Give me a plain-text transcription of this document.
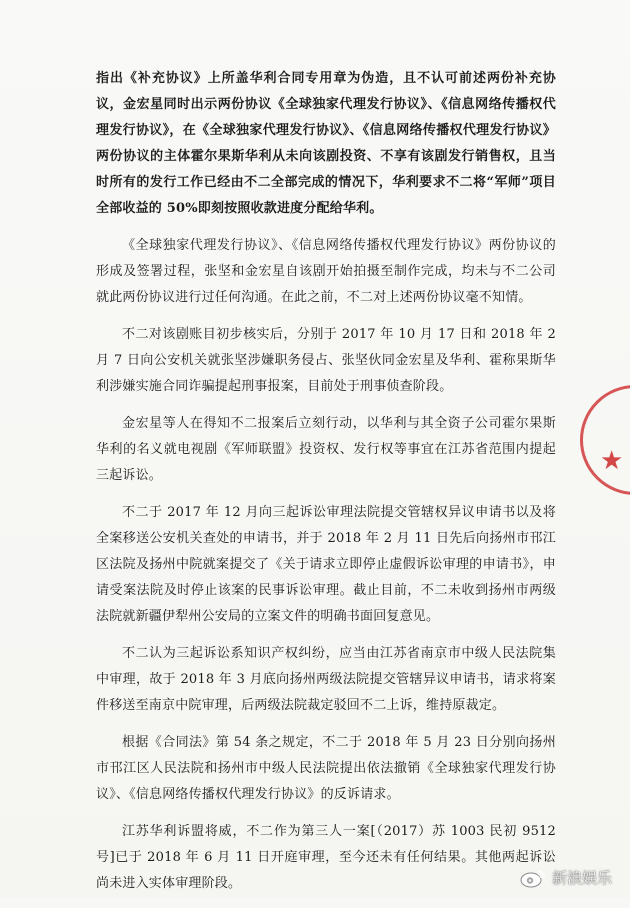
指出《补充协议》上所盖华利合同专用章为伪造，且不认可前述两份补充协议，金宏星同时出示两份协议《全球独家代理发行协议》、《信息网络传播权代理发行协议》，在《全球独家代理发行协议》、《信息网络传播权代理发行协议》两份协议的主体霍尔果斯华利从未向该剧投资、不享有该剧发行销售权，且当时所有的发行工作已经由不二全部完成的情况下，华利要求不二将“军师”项目全部收益的 50%即刻按照收款进度分配给华利。

《全球独家代理发行协议》、《信息网络传播权代理发行协议》两份协议的形成及签署过程，张坚和金宏星自该剧开始拍摄至制作完成，均未与不二公司就此两份协议进行过任何沟通。在此之前，不二对上述两份协议毫不知情。

不二对该剧账目初步核实后，分别于 2017 年 10 月 17 日和 2018 年 2 月 7 日向公安机关就张坚涉嫌职务侵占、张坚伙同金宏星及华利、霍称果斯华利涉嫌实施合同诈骗提起刑事报案，目前处于刑事侦查阶段。

金宏星等人在得知不二报案后立刻行动，以华利与其全资子公司霍尔果斯华利的名义就电视剧《军师联盟》投资权、发行权等事宜在江苏省范围内提起三起诉讼。

不二于 2017 年 12 月向三起诉讼审理法院提交管辖权异议申请书以及将全案移送公安机关查处的申请书，并于 2018 年 2 月 11 日先后向扬州市邗江区法院及扬州中院就案提交了《关于请求立即停止虚假诉讼审理的申请书》，申请受案法院及时停止该案的民事诉讼审理。截止目前，不二未收到扬州市两级法院就新疆伊犁州公安局的立案文件的明确书面回复意见。

不二认为三起诉讼系知识产权纠纷，应当由江苏省南京市中级人民法院集中审理，故于 2018 年 3 月底向扬州两级法院提交管辖异议申请书，请求将案件移送至南京中院审理，后两级法院裁定驳回不二上诉，维持原裁定。

根据《合同法》第 54 条之规定，不二于 2018 年 5 月 23 日分别向扬州市邗江区人民法院和扬州市中级人民法院提出依法撤销《全球独家代理发行协议》、《信息网络传播权代理发行协议》的反诉请求。

江苏华利诉盟将威，不二作为第三人一案[（2017）苏 1003 民初 9512 号]已于 2018 年 6 月 11 日开庭审理，至今还未有任何结果。其他两起诉讼尚未进入实体审理阶段。

★
新浪娱乐
